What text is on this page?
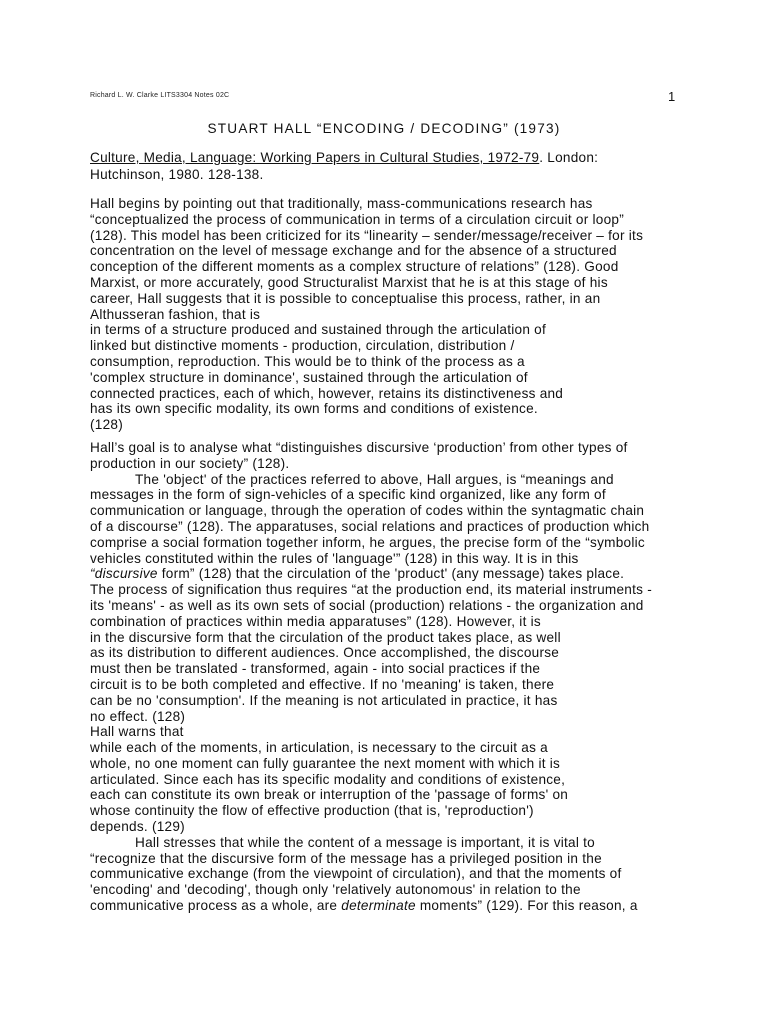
Richard L. W. Clarke LITS3304 Notes 02C	1
STUART HALL “ENCODING / DECODING” (1973)
Culture, Media, Language: Working Papers in Cultural Studies, 1972-79. London:
Hutchinson, 1980. 128-138.

Hall begins by pointing out that traditionally, mass-communications research has
“conceptualized the process of communication in terms of a circulation circuit or loop”
(128). This model has been criticized for its “linearity – sender/message/receiver – for its
concentration on the level of message exchange and for the absence of a structured
conception of the different moments as a complex structure of relations” (128). Good
Marxist, or more accurately, good Structuralist Marxist that he is at this stage of his
career, Hall suggests that it is possible to conceptualise this process, rather, in an
Althusseran fashion, that is

in terms of a structure produced and sustained through the articulation of
linked but distinctive moments - production, circulation, distribution /
consumption, reproduction. This would be to think of the process as a
'complex structure in dominance', sustained through the articulation of
connected practices, each of which, however, retains its distinctiveness and
has its own specific modality, its own forms and conditions of existence.
(128)

Hall’s goal is to analyse what “distinguishes discursive ‘production’ from other types of
production in our society” (128).

The 'object' of the practices referred to above, Hall argues, is “meanings and
messages in the form of sign-vehicles of a specific kind organized, like any form of
communication or language, through the operation of codes within the syntagmatic chain
of a discourse” (128). The apparatuses, social relations and practices of production which
comprise a social formation together inform, he argues, the precise form of the “symbolic
vehicles constituted within the rules of 'language'” (128) in this way. It is in this
“discursive form” (128) that the circulation of the 'product' (any message) takes place.
The process of signification thus requires “at the production end, its material instruments -
its 'means' - as well as its own sets of social (production) relations - the organization and
combination of practices within media apparatuses” (128). However, it is

in the discursive form that the circulation of the product takes place, as well
as its distribution to different audiences. Once accomplished, the discourse
must then be translated - transformed, again - into social practices if the
circuit is to be both completed and effective. If no 'meaning' is taken, there
can be no 'consumption'. If the meaning is not articulated in practice, it has
no effect. (128)

Hall warns that

while each of the moments, in articulation, is necessary to the circuit as a
whole, no one moment can fully guarantee the next moment with which it is
articulated. Since each has its specific modality and conditions of existence,
each can constitute its own break or interruption of the 'passage of forms' on
whose continuity the flow of effective production (that is, 'reproduction')
depends. (129)

Hall stresses that while the content of a message is important, it is vital to
“recognize that the discursive form of the message has a privileged position in the
communicative exchange (from the viewpoint of circulation), and that the moments of
'encoding' and 'decoding', though only 'relatively autonomous' in relation to the
communicative process as a whole, are determinate moments” (129). For this reason, a
